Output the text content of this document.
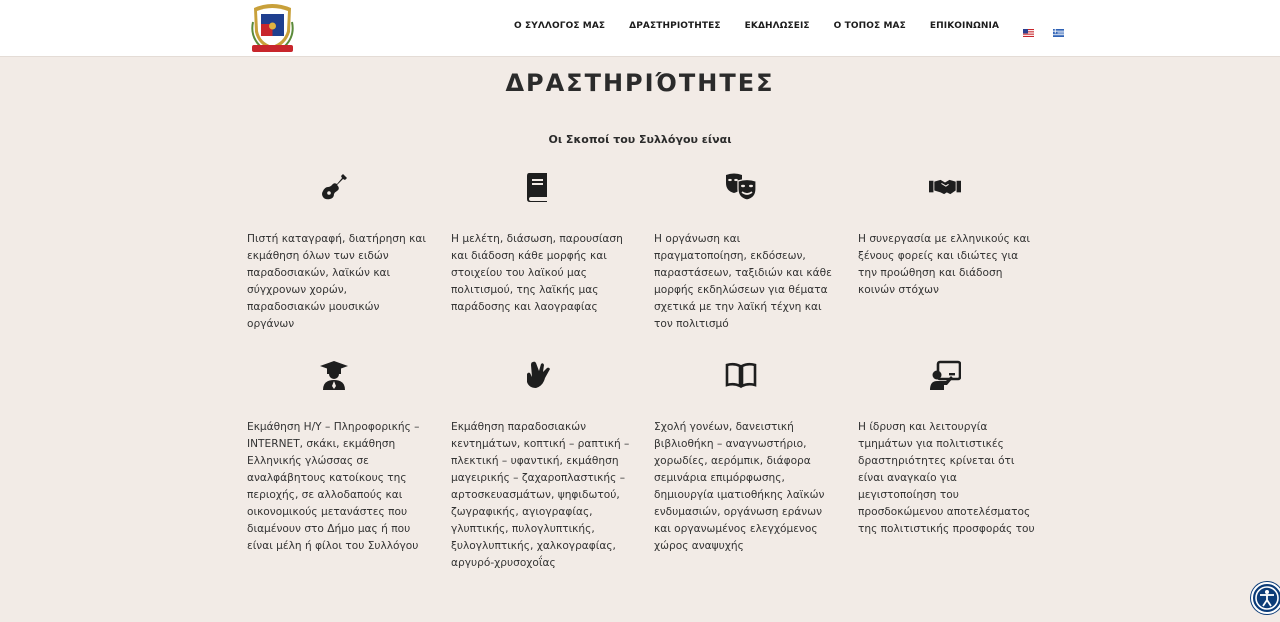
Ο ΣΥΛΛΟΓΟΣ ΜΑΣ	ΔΡΑΣΤΗΡΙΟΤΗΤΕΣ	ΕΚΔΗΛΩΣΕΙΣ	Ο ΤΟΠΟΣ ΜΑΣ	ΕΠΙΚΟΙΝΩΝΙΑ
ΔΡΑΣΤΗΡΙΌΤΗΤΕΣ
Οι Σκοποί του Συλλόγου είναι

Πιστή καταγραφή, διατήρηση και εκμάθηση όλων των ειδών παραδοσιακών, λαϊκών και σύγχρονων χορών, παραδοσιακών μουσικών οργάνων

Η μελέτη, διάσωση, παρουσίαση και διάδοση κάθε μορφής και στοιχείου του λαϊκού μας πολιτισμού, της λαϊκής μας παράδοσης και λαογραφίας

Η οργάνωση και πραγματοποίηση, εκδόσεων, παραστάσεων, ταξιδιών και κάθε μορφής εκδηλώσεων για θέματα σχετικά με την λαϊκή τέχνη και τον πολιτισμό

Η συνεργασία με ελληνικούς και ξένους φορείς και ιδιώτες για την προώθηση και διάδοση κοινών στόχων

Εκμάθηση Η/Υ – Πληροφορικής – INTERNET, σκάκι, εκμάθηση Ελληνικής γλώσσας σε αναλφάβητους κατοίκους της περιοχής, σε αλλοδαπούς και οικονομικούς μετανάστες που διαμένουν στο Δήμο μας ή που είναι μέλη ή φίλοι του Συλλόγου

Εκμάθηση παραδοσιακών κεντημάτων, κοπτική – ραπτική – πλεκτική – υφαντική, εκμάθηση μαγειρικής – ζαχαροπλαστικής – αρτοσκευασμάτων, ψηφιδωτού, ζωγραφικής, αγιογραφίας, γλυπτικής, πυλογλυπτικής, ξυλογλυπτικής, χαλκογραφίας, αργυρό-χρυσοχοΐας

Σχολή γονέων, δανειστική βιβλιοθήκη – αναγνωστήριο, χορωδίες, αερόμπικ, διάφορα σεμινάρια επιμόρφωσης, δημιουργία ιματιοθήκης λαϊκών ενδυμασιών, οργάνωση εράνων και οργανωμένος ελεγχόμενος χώρος αναψυχής

Η ίδρυση και λειτουργία τμημάτων για πολιτιστικές δραστηριότητες κρίνεται ότι είναι αναγκαίο για μεγιστοποίηση του προσδοκώμενου αποτελέσματος της πολιτιστικής προσφοράς του
